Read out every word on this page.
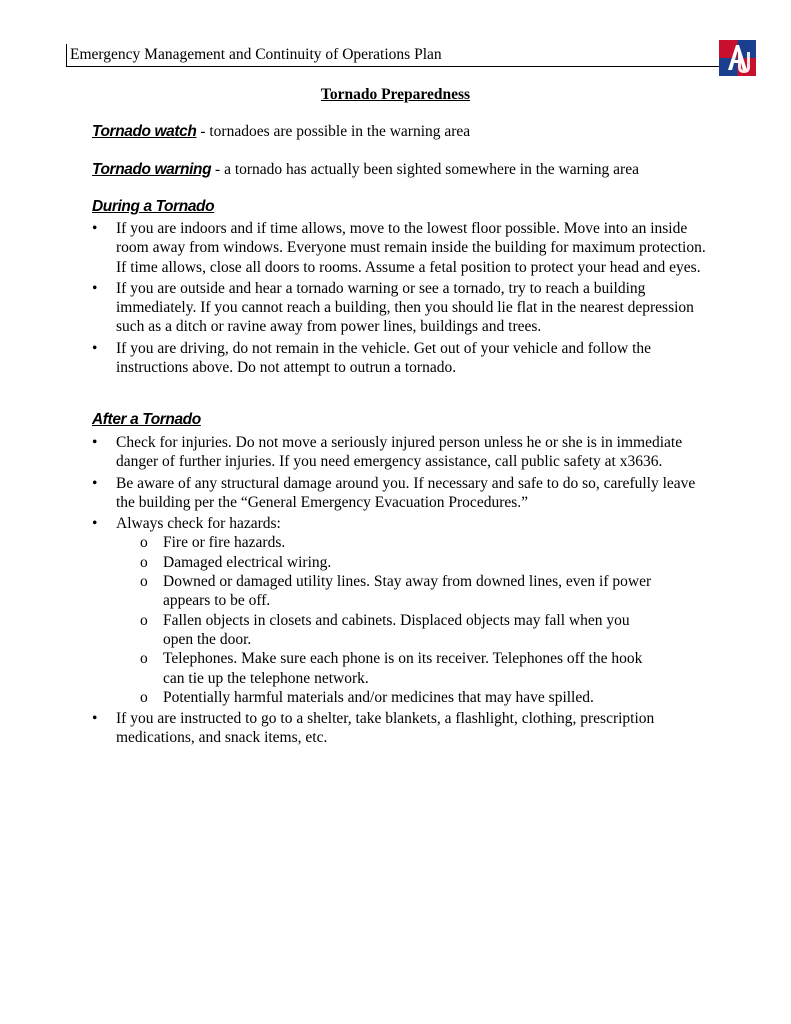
Emergency Management and Continuity of Operations Plan
Tornado Preparedness
Tornado watch - tornadoes are possible in the warning area
Tornado warning - a tornado has actually been sighted somewhere in the warning area
During a Tornado
• If you are indoors and if time allows, move to the lowest floor possible. Move into an inside room away from windows. Everyone must remain inside the building for maximum protection. If time allows, close all doors to rooms. Assume a fetal position to protect your head and eyes.
• If you are outside and hear a tornado warning or see a tornado, try to reach a building immediately. If you cannot reach a building, then you should lie flat in the nearest depression such as a ditch or ravine away from power lines, buildings and trees.
• If you are driving, do not remain in the vehicle. Get out of your vehicle and follow the instructions above. Do not attempt to outrun a tornado.
After a Tornado
• Check for injuries. Do not move a seriously injured person unless he or she is in immediate danger of further injuries. If you need emergency assistance, call public safety at x3636.
• Be aware of any structural damage around you. If necessary and safe to do so, carefully leave the building per the “General Emergency Evacuation Procedures.”
• Always check for hazards:
o Fire or fire hazards.
o Damaged electrical wiring.
o Downed or damaged utility lines. Stay away from downed lines, even if power appears to be off.
o Fallen objects in closets and cabinets. Displaced objects may fall when you open the door.
o Telephones. Make sure each phone is on its receiver. Telephones off the hook can tie up the telephone network.
o Potentially harmful materials and/or medicines that may have spilled.
• If you are instructed to go to a shelter, take blankets, a flashlight, clothing, prescription medications, and snack items, etc.
